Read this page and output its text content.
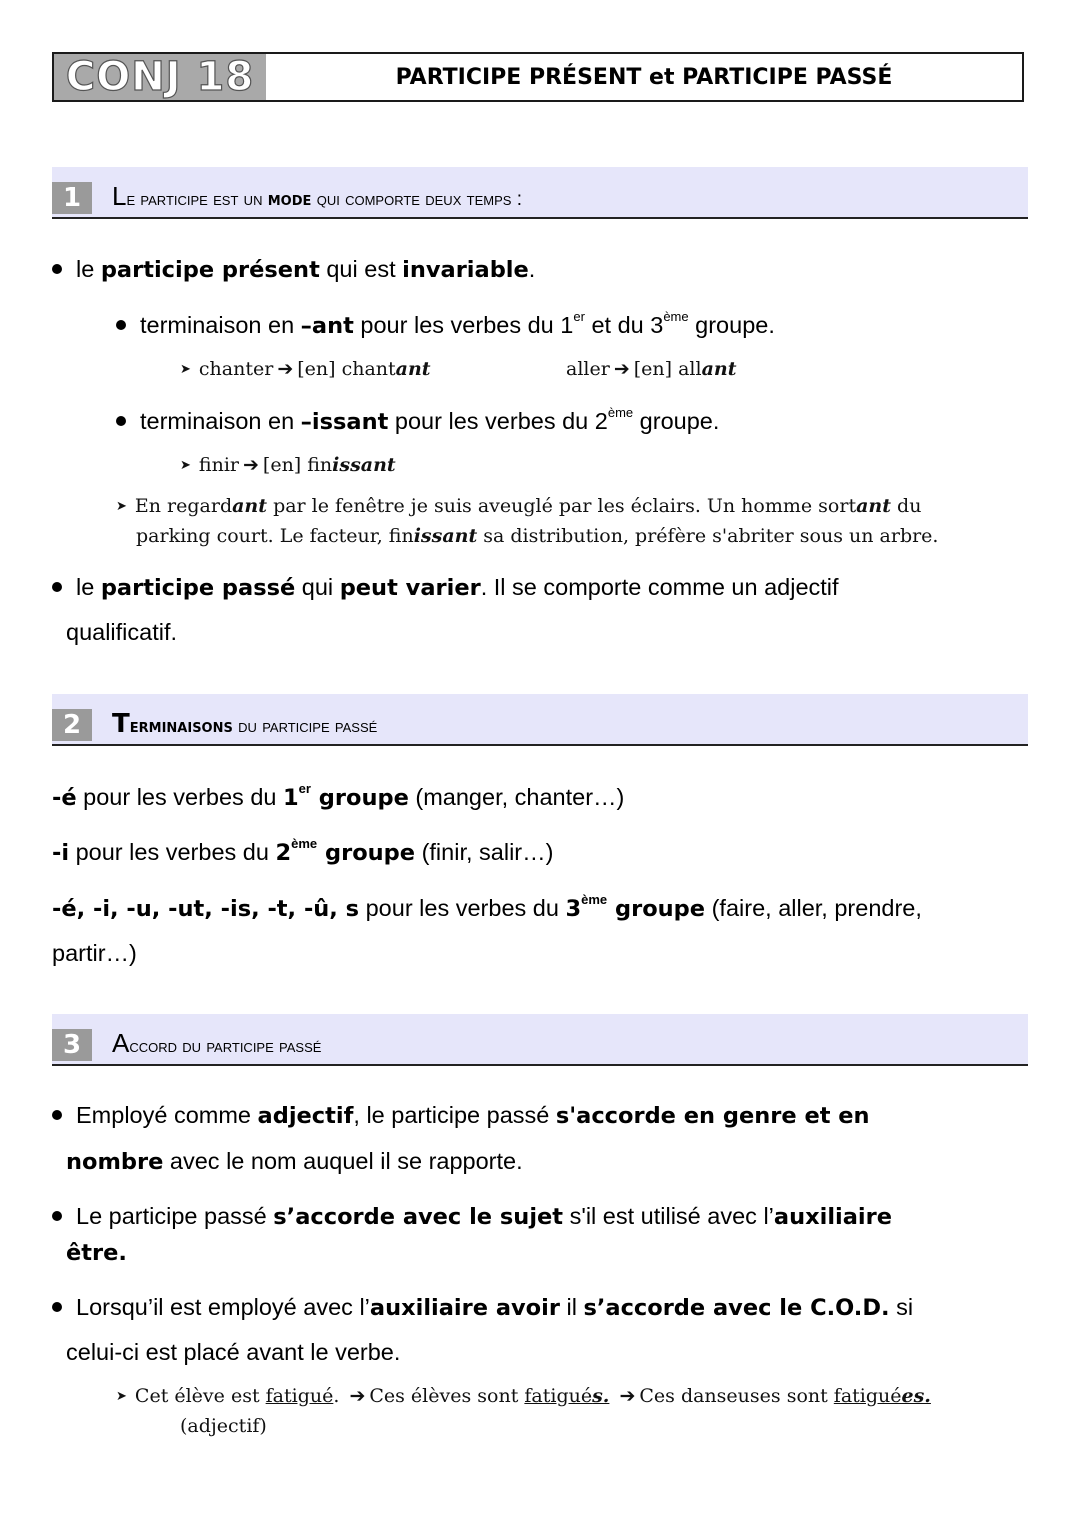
CONJ 18	PARTICIPE PRÉSENT et PARTICIPE PASSÉ
1	Le participe est un mode qui comporte deux temps :
le participe présent qui est invariable.
terminaison en –ant pour les verbes du 1er et du 3ème groupe.
➤ chanter ➔ [en] chantant	aller ➔ [en] allant
terminaison en –issant pour les verbes du 2ème groupe.
➤ finir ➔ [en] finissant
➤ En regardant par le fenêtre je suis aveuglé par les éclairs. Un homme sortant du
parking court. Le facteur, finissant sa distribution, préfère s'abriter sous un arbre.
le participe passé qui peut varier. Il se comporte comme un adjectif
qualificatif.
2	Terminaisons du participe passé
-é pour les verbes du 1er groupe (manger, chanter…)
-i pour les verbes du 2ème groupe (finir, salir…)
-é, -i, -u, -ut, -is, -t, -û, s pour les verbes du 3ème groupe (faire, aller, prendre,
partir…)
3	Accord du participe passé
Employé comme adjectif, le participe passé s'accorde en genre et en
nombre avec le nom auquel il se rapporte.
Le participe passé s’accorde avec le sujet s'il est utilisé avec l’auxiliaire
être.
Lorsqu’il est employé avec l’auxiliaire avoir il s’accorde avec le C.O.D. si
celui-ci est placé avant le verbe.
➤ Cet élève est fatigué. ➔ Ces élèves sont fatigués. ➔ Ces danseuses sont fatiguées.
(adjectif)
